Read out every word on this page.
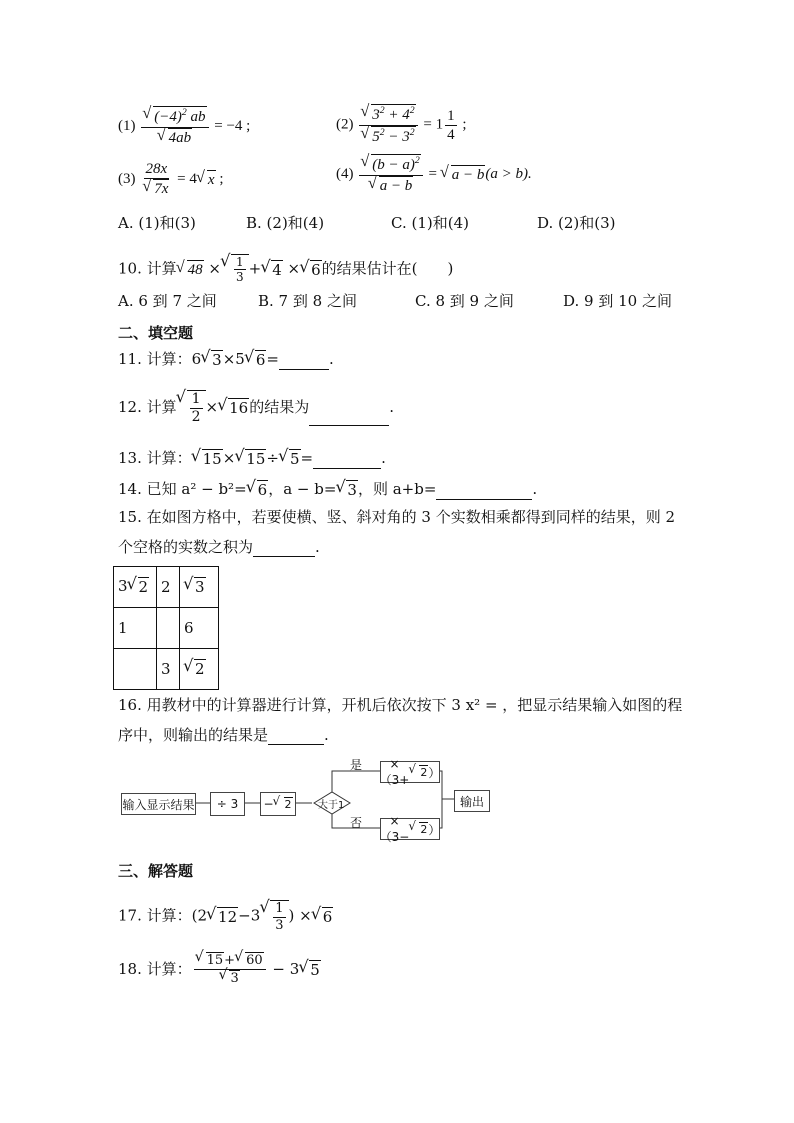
(1) √ $(-4)^2$ ab
√ 4ab = −4 ;	(2) √ $3^2 + 4^2$
√ $5^2 - 3^2 = 1 \frac{1}{4}$ ;
(3) 28x
√ 7x = 4 √ x ;	(4) √ $(b - a)^2$
√ a − b = √ a − b(a > b).
A. (1)和(3)	B. (2)和(4)	C. (1)和(4)	D. (2)和(3)
10. 计算 √ 48 × √ $\frac{1}{3}$ + √ 4 × √ 6的结果估计在(　　)
A. 6 到 7 之间	B. 7 到 8 之间	C. 8 到 9 之间	D. 9 到 10 之间
二、填空题
11. 计算：6 √ 3×5 √ 6=	.
12. 计算 √ $\frac{1}{2}$ × √ 16的结果为	.
13. 计算： √ 15× √ 15÷ √ 5=	.
14. 已知 a² − b²= √ 6，a − b= √ 3，则 a+b=	.
15. 在如图方格中，若要使横、竖、斜对角的 3 个实数相乘都得到同样的结果，则 2
个空格的实数之积为	.
3 √ 2	2	√ 3
1		6
	3	√ 2
16. 用教材中的计算器进行计算，开机后依次按下 3 x² = ，把显示结果输入如图的程
序中，则输出的结果是	.
输入显示结果	÷ 3	−	√ 2	大于1
是
否
×（3+
√ 2 ）
×（3−
√ 2 ）
输出
三、解答题
17. 计算：(2 √ 12−3 √ $\frac{1}{3}$ ) × √ 6
18. 计算： √ 15+ √ 60
√ 3 − 3 √ 5
